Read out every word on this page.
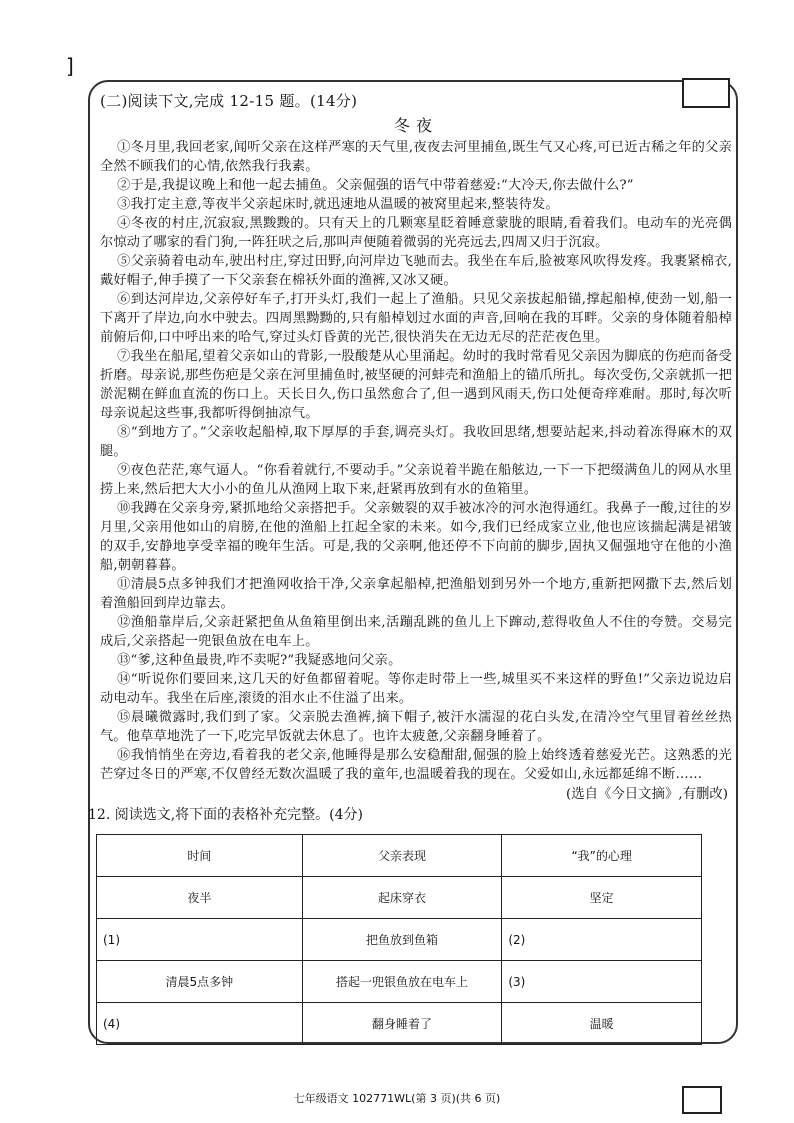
]
(二)阅读下文,完成 12-15 题。(14分)
冬夜

①冬月里,我回老家,闻听父亲在这样严寒的天气里,夜夜去河里捕鱼,既生气又心疼,可已近古稀之年的父亲全然不顾我们的心情,依然我行我素。

②于是,我提议晚上和他一起去捕鱼。父亲倔强的语气中带着慈爱:“大冷天,你去做什么?”

③我打定主意,等夜半父亲起床时,就迅速地从温暖的被窝里起来,整装待发。

④冬夜的村庄,沉寂寂,黑黢黢的。只有天上的几颗寒星眨着睡意蒙胧的眼睛,看着我们。电动车的光亮偶尔惊动了哪家的看门狗,一阵狂吠之后,那叫声便随着微弱的光亮远去,四周又归于沉寂。

⑤父亲骑着电动车,驶出村庄,穿过田野,向河岸边飞驰而去。我坐在车后,脸被寒风吹得发疼。我裹紧棉衣,戴好帽子,伸手摸了一下父亲套在棉袄外面的渔裤,又冰又硬。

⑥到达河岸边,父亲停好车子,打开头灯,我们一起上了渔船。只见父亲拔起船锚,撑起船棹,使劲一划,船一下离开了岸边,向水中驶去。四周黑黝黝的,只有船棹划过水面的声音,回响在我的耳畔。父亲的身体随着船棹前俯后仰,口中呼出来的哈气,穿过头灯昏黄的光芒,很快消失在无边无尽的茫茫夜色里。

⑦我坐在船尾,望着父亲如山的背影,一股酸楚从心里涌起。幼时的我时常看见父亲因为脚底的伤疤而备受折磨。母亲说,那些伤疤是父亲在河里捕鱼时,被坚硬的河蚌壳和渔船上的锚爪所扎。每次受伤,父亲就抓一把淤泥糊在鲜血直流的伤口上。天长日久,伤口虽然愈合了,但一遇到风雨天,伤口处便奇痒难耐。那时,每次听母亲说起这些事,我都听得倒抽凉气。

⑧“到地方了。”父亲收起船棹,取下厚厚的手套,调亮头灯。我收回思绪,想要站起来,抖动着冻得麻木的双腿。

⑨夜色茫茫,寒气逼人。“你看着就行,不要动手。”父亲说着半跪在船舷边,一下一下把缀满鱼儿的网从水里捞上来,然后把大大小小的鱼儿从渔网上取下来,赶紧再放到有水的鱼箱里。

⑩我蹲在父亲身旁,紧抓地给父亲搭把手。父亲皴裂的双手被冰冷的河水泡得通红。我鼻子一酸,过往的岁月里,父亲用他如山的肩膀,在他的渔船上扛起全家的未来。如今,我们已经成家立业,他也应该揣起满是裙皱的双手,安静地享受幸福的晚年生活。可是,我的父亲啊,他还停不下向前的脚步,固执又倔强地守在他的小渔船,朝朝暮暮。

⑪清晨5点多钟我们才把渔网收拾干净,父亲拿起船棹,把渔船划到另外一个地方,重新把网撒下去,然后划着渔船回到岸边靠去。

⑫渔船靠岸后,父亲赶紧把鱼从鱼箱里倒出来,活蹦乱跳的鱼儿上下蹿动,惹得收鱼人不住的夸赞。交易完成后,父亲搭起一兜银鱼放在电车上。

⑬“爹,这种鱼最贵,咋不卖呢?”我疑惑地问父亲。

⑭“听说你们要回来,这几天的好鱼都留着呢。等你走时带上一些,城里买不来这样的野鱼!”父亲边说边启动电动车。我坐在后座,滚烫的泪水止不住溢了出来。

⑮晨曦微露时,我们到了家。父亲脱去渔裤,摘下帽子,被汗水濡湿的花白头发,在清冷空气里冒着丝丝热气。他草草地洗了一下,吃完早饭就去休息了。也许太疲惫,父亲翻身睡着了。

⑯我悄悄坐在旁边,看着我的老父亲,他睡得是那么安稳酣甜,倔强的脸上始终透着慈爱光芒。这熟悉的光芒穿过冬日的严寒,不仅曾经无数次温暖了我的童年,也温暖着我的现在。父爱如山,永远都延绵不断……

(选自《今日文摘》,有删改)
12. 阅读选文,将下面的表格补充完整。(4分)
时间	父亲表现	“我”的心理
夜半	起床穿衣	坚定
(1)	把鱼放到鱼箱	(2)
清晨5点多钟	搭起一兜银鱼放在电车上	(3)
(4)	翻身睡着了	温暖
七年级语文 102771WL(第 3 页)(共 6 页)
